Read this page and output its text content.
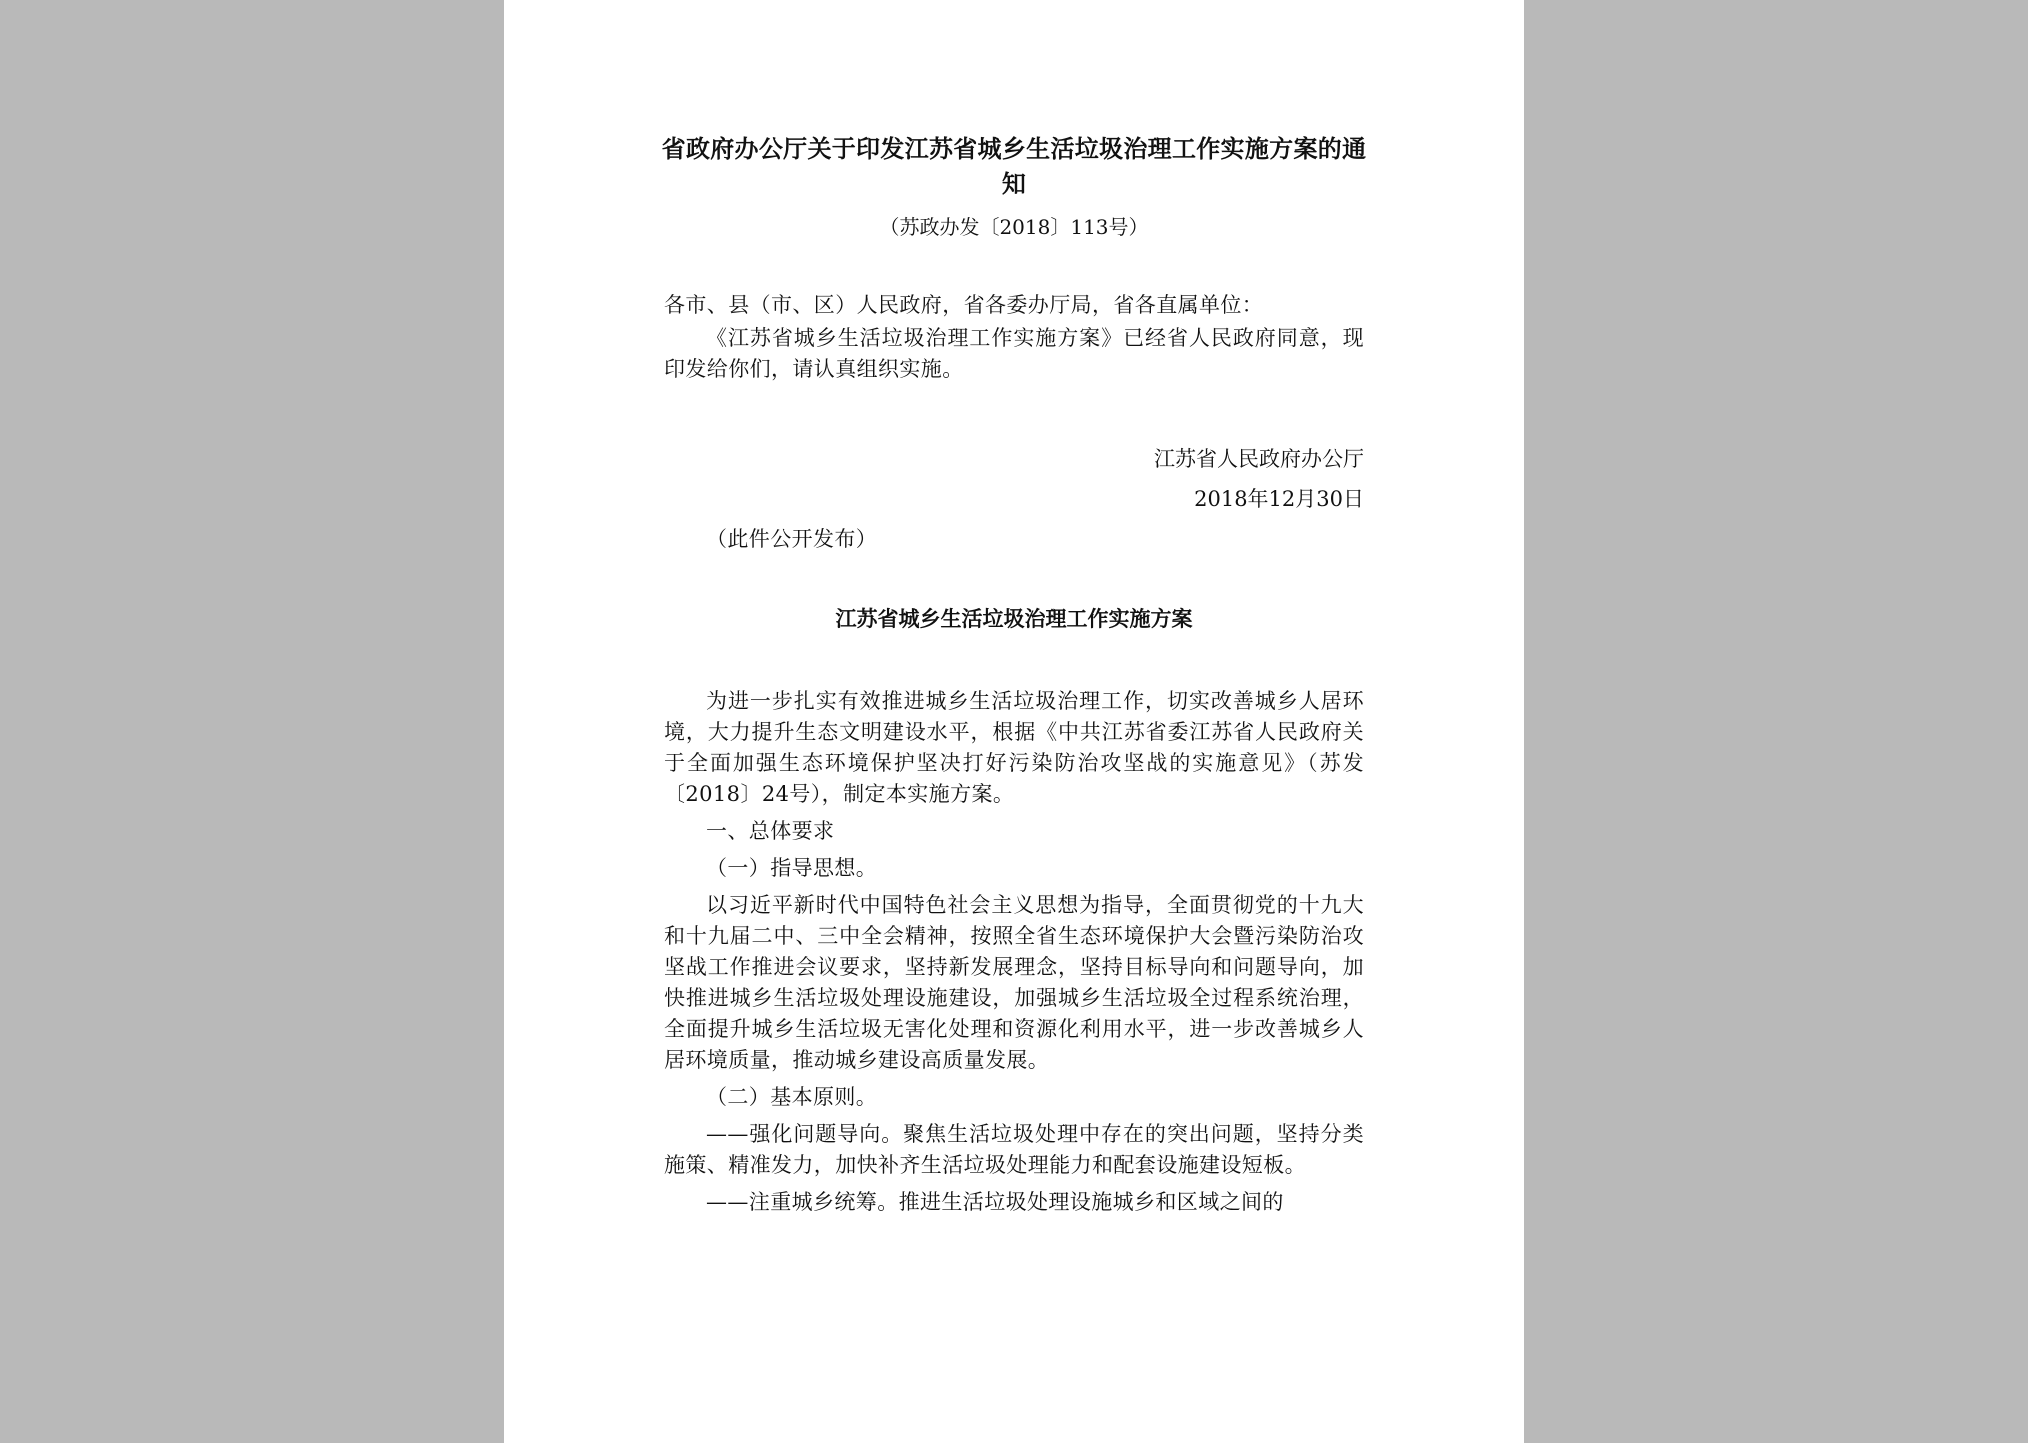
省政府办公厅关于印发江苏省城乡生活垃圾治理工作实施方案的通知
（苏政办发〔2018〕113号）

各市、县（市、区）人民政府，省各委办厅局，省各直属单位：

《江苏省城乡生活垃圾治理工作实施方案》已经省人民政府同意，现印发给你们，请认真组织实施。

江苏省人民政府办公厅

2018年12月30日

（此件公开发布）

江苏省城乡生活垃圾治理工作实施方案

为进一步扎实有效推进城乡生活垃圾治理工作，切实改善城乡人居环境，大力提升生态文明建设水平，根据《中共江苏省委江苏省人民政府关于全面加强生态环境保护坚决打好污染防治攻坚战的实施意见》（苏发〔2018〕24号），制定本实施方案。

一、总体要求

（一）指导思想。

以习近平新时代中国特色社会主义思想为指导，全面贯彻党的十九大和十九届二中、三中全会精神，按照全省生态环境保护大会暨污染防治攻坚战工作推进会议要求，坚持新发展理念，坚持目标导向和问题导向，加快推进城乡生活垃圾处理设施建设，加强城乡生活垃圾全过程系统治理，全面提升城乡生活垃圾无害化处理和资源化利用水平，进一步改善城乡人居环境质量，推动城乡建设高质量发展。

（二）基本原则。

——强化问题导向。聚焦生活垃圾处理中存在的突出问题，坚持分类施策、精准发力，加快补齐生活垃圾处理能力和配套设施建设短板。

——注重城乡统筹。推进生活垃圾处理设施城乡和区域之间的
